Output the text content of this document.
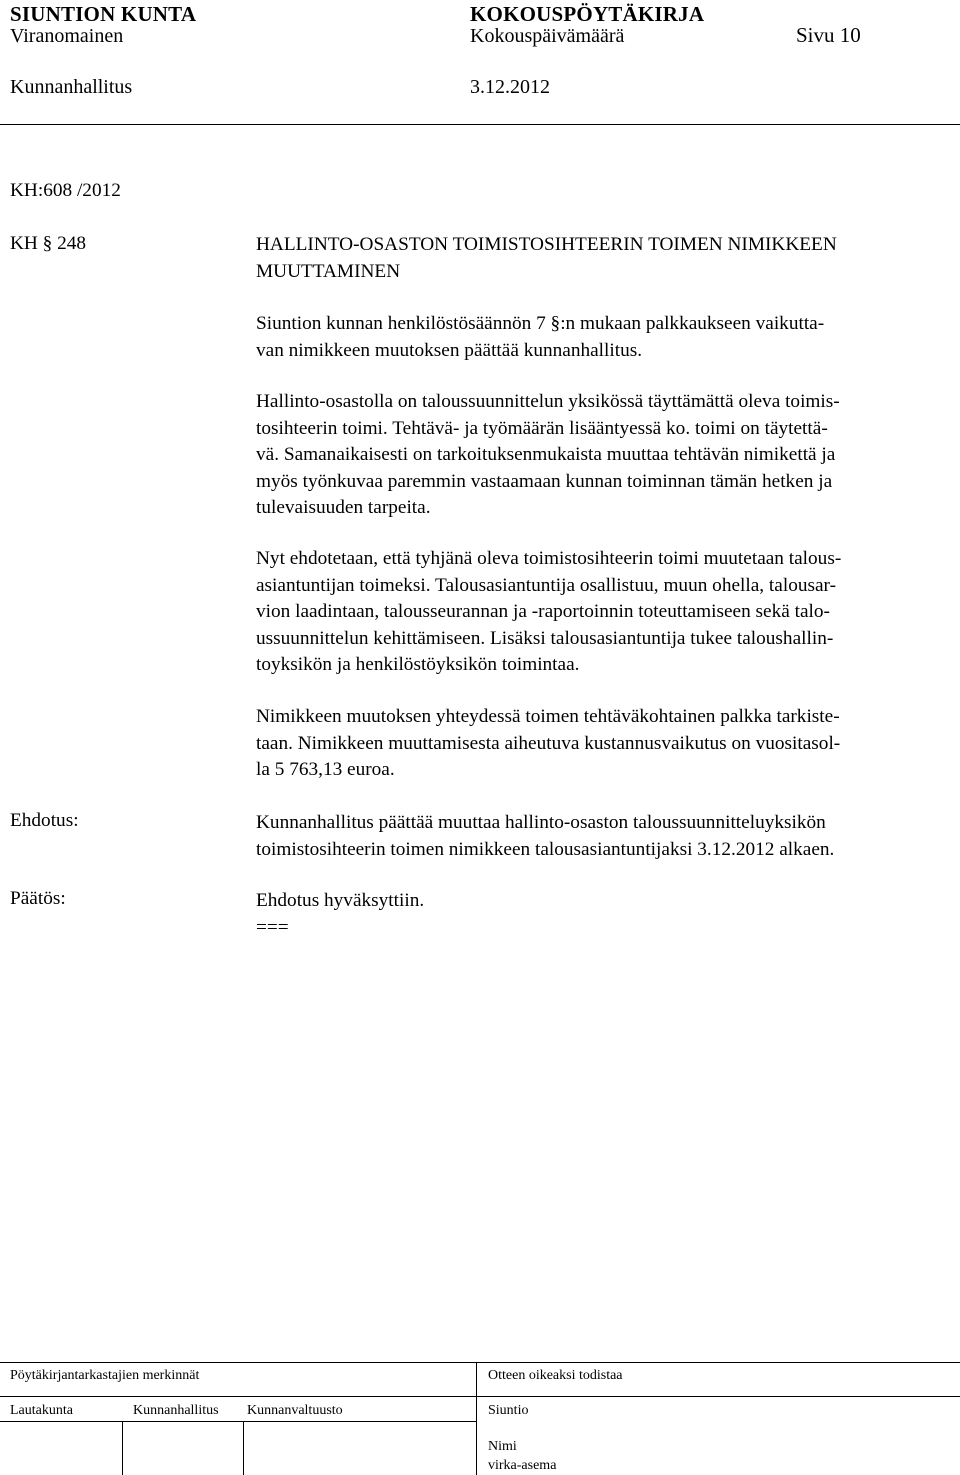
SIUNTION KUNTA	KOKOUSPÖYTÄKIRJA
Viranomainen	Kokouspäivämäärä	Sivu 10
Kunnanhallitus	3.12.2012
KH:608 /2012
KH § 248	HALLINTO-OSASTON TOIMISTOSIHTEERIN TOIMEN NIMIKKEEN

MUUTTAMINEN

Siuntion kunnan henkilöstösäännön 7 §:n mukaan palkkaukseen vaikutta-

van nimikkeen muutoksen päättää kunnanhallitus.

Hallinto-osastolla on taloussuunnittelun yksikössä täyttämättä oleva toimis-

tosihteerin toimi. Tehtävä- ja työmäärän lisääntyessä ko. toimi on täytettä-

vä. Samanaikaisesti on tarkoituksenmukaista muuttaa tehtävän nimikettä ja

myös työnkuvaa paremmin vastaamaan kunnan toiminnan tämän hetken ja

tulevaisuuden tarpeita.

Nyt ehdotetaan, että tyhjänä oleva toimistosihteerin toimi muutetaan talous-

asiantuntijan toimeksi. Talousasiantuntija osallistuu, muun ohella, talousar-

vion laadintaan, talousseurannan ja -raportoinnin toteuttamiseen sekä talo-

ussuunnittelun kehittämiseen. Lisäksi talousasiantuntija tukee taloushallin-

toyksikön ja henkilöstöyksikön toimintaa.

Nimikkeen muutoksen yhteydessä toimen tehtäväkohtainen palkka tarkiste-

taan. Nimikkeen muuttamisesta aiheutuva kustannusvaikutus on vuositasol-

la 5 763,13 euroa.

Ehdotus:	Kunnanhallitus päättää muuttaa hallinto-osaston taloussuunnitteluyksikön

toimistosihteerin toimen nimikkeen talousasiantuntijaksi 3.12.2012 alkaen.

Päätös:	Ehdotus hyväksyttiin.

===

Pöytäkirjantarkastajien merkinnät	Otteen oikeaksi todistaa
Lautakunta	Kunnanhallitus Kunnanvaltuusto	Siuntio
Nimi
virka-asema
